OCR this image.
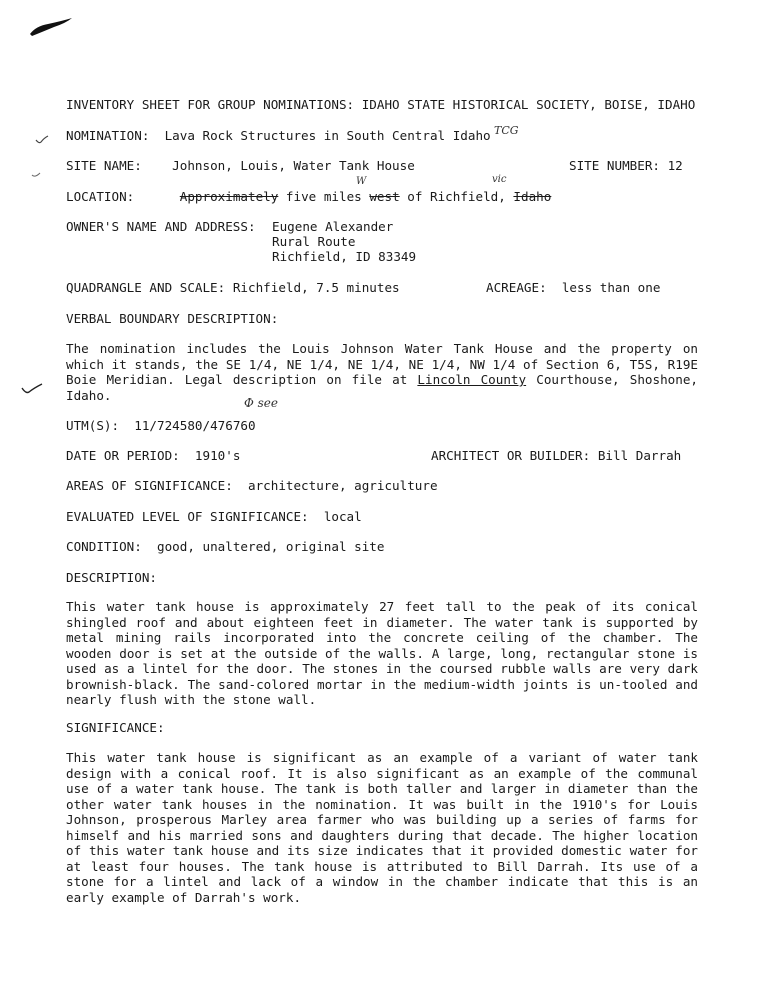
INVENTORY SHEET FOR GROUP NOMINATIONS: IDAHO STATE HISTORICAL SOCIETY, BOISE, IDAHO
NOMINATION: Lava Rock Structures in South Central Idaho TCG
SITE NAME: Johnson, Louis, Water Tank House	SITE NUMBER: 12
LOCATION:	Approximately five miles west of Richfield, Idaho
W	vic
OWNER'S NAME AND ADDRESS: Eugene Alexander
Rural Route
Richfield, ID 83349
QUADRANGLE AND SCALE: Richfield, 7.5 minutes	ACREAGE: less than one
VERBAL BOUNDARY DESCRIPTION:

The nomination includes the Louis Johnson Water Tank House and the property on which it stands, the SE 1/4, NE 1/4, NE 1/4, NE 1/4, NW 1/4 of Section 6, T5S, R19E Boie Meridian. Legal description on file at Lincoln County Courthouse, Shoshone, Idaho.

UTM(S): 11/724580/476760
Φ see
DATE OR PERIOD: 1910's	ARCHITECT OR BUILDER: Bill Darrah
AREAS OF SIGNIFICANCE: architecture, agriculture
EVALUATED LEVEL OF SIGNIFICANCE: local
CONDITION: good, unaltered, original site
DESCRIPTION:

This water tank house is approximately 27 feet tall to the peak of its conical shingled roof and about eighteen feet in diameter. The water tank is supported by metal mining rails incorporated into the concrete ceiling of the chamber. The wooden door is set at the outside of the walls. A large, long, rectangular stone is used as a lintel for the door. The stones in the coursed rubble walls are very dark brownish-black. The sand-colored mortar in the medium-width joints is un-tooled and nearly flush with the stone wall.

SIGNIFICANCE:

This water tank house is significant as an example of a variant of water tank design with a conical roof. It is also significant as an example of the communal use of a water tank house. The tank is both taller and larger in diameter than the other water tank houses in the nomination. It was built in the 1910's for Louis Johnson, prosperous Marley area farmer who was building up a series of farms for himself and his married sons and daughters during that decade. The higher location of this water tank house and its size indicates that it provided domestic water for at least four houses. The tank house is attributed to Bill Darrah. Its use of a stone for a lintel and lack of a window in the chamber indicate that this is an early example of Darrah's work.
